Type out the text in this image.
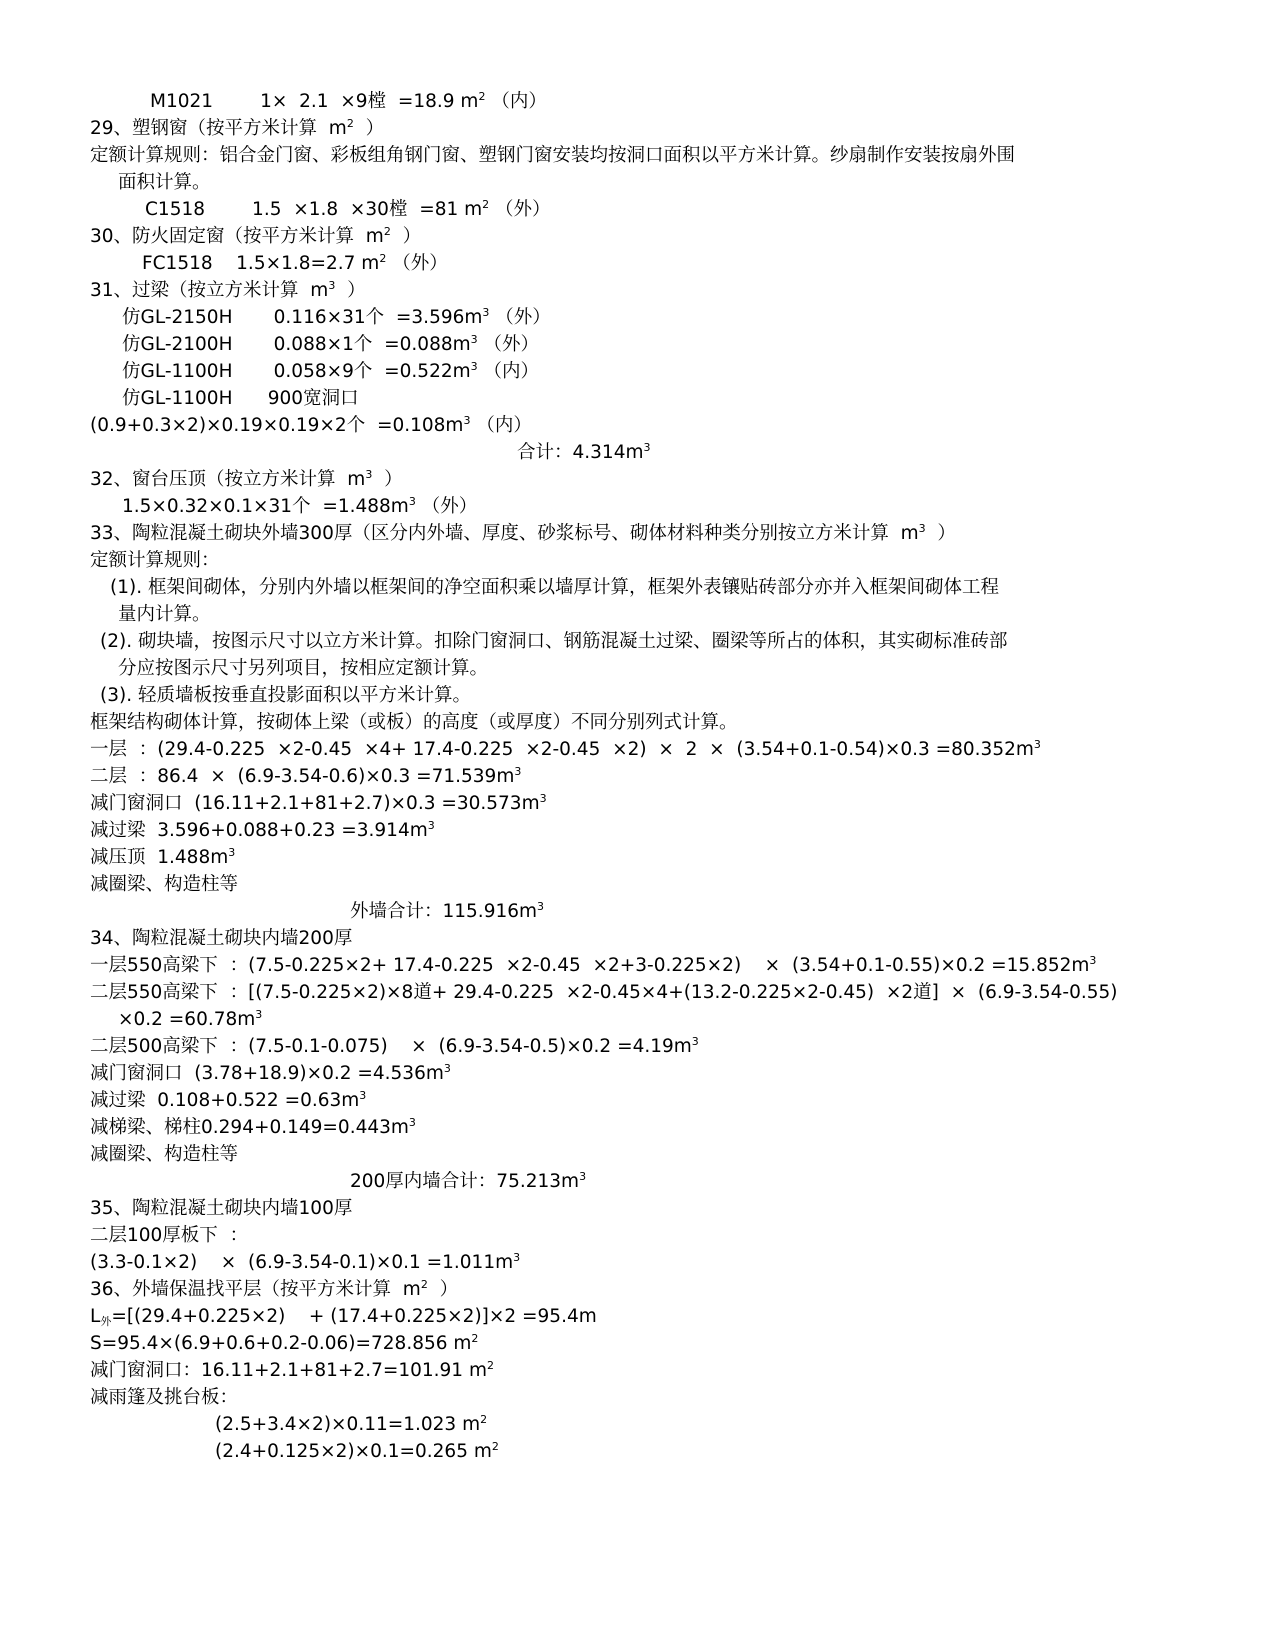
M1021        1×  2.1  ×9樘  =18.9 $m^2$ （内）
29、塑钢窗（按平方米计算  $m^2$  ）
定额计算规则：铝合金门窗、彩板组角钢门窗、塑钢门窗安装均按洞口面积以平方米计算。纱扇制作安装按扇外围
面积计算。
C1518        1.5  ×1.8  ×30樘  =81 $m^2$ （外）
30、防火固定窗（按平方米计算  $m^2$  ）
FC1518    1.5×1.8=2.7 $m^2$ （外）
31、过梁（按立方米计算  $m^3$  ）
仿GL-2150H       0.116×31个  $=3.596m^3$ （外）
仿GL-2100H       0.088×1个  $=0.088m^3$ （外）
仿GL-1100H       0.058×9个  $=0.522m^3$ （内）
仿GL-1100H      900宽洞口
(0.9+0.3×2)×0.19×0.19×2个  $=0.108m^3$ （内）
合计：$4.314m^3$
32、窗台压顶（按立方米计算  $m^3$  ）
1.5×0.32×0.1×31个  $=1.488m^3$ （外）
33、陶粒混凝土砌块外墙300厚（区分内外墙、厚度、砂浆标号、砌体材料种类分别按立方米计算  $m^3$  ）
定额计算规则：
(1). 框架间砌体，分别内外墙以框架间的净空面积乘以墙厚计算，框架外表镶贴砖部分亦并入框架间砌体工程
量内计算。
(2). 砌块墙，按图示尺寸以立方米计算。扣除门窗洞口、钢筋混凝土过梁、圈梁等所占的体积，其实砌标准砖部
分应按图示尺寸另列项目，按相应定额计算。
(3). 轻质墙板按垂直投影面积以平方米计算。
框架结构砌体计算，按砌体上梁（或板）的高度（或厚度）不同分别列式计算。
一层  ：$(29.4-0.225 \times 2-0.45 \times 4+ 17.4-0.225 \times 2-0.45 \times 2) \times 2 \times (3.54+0.1-0.54)\times 0.3 =80.352m^3$
二层  ：$86.4 \times (6.9-3.54-0.6)\times 0.3 =71.539m^3$
减门窗洞口  $(16.11+2.1+81+2.7)\times 0.3 =30.573m^3$
减过梁  $3.596+0.088+0.23 =3.914m^3$
减压顶  $1.488m^3$
减圈梁、构造柱等
外墙合计：$115.916m^3$
34、陶粒混凝土砌块内墙200厚
一层550高梁下  ：(7.5-0.225×2+ 17.4-0.225  ×2-0.45  ×2+3-0.225×2)    ×  $(3.54+0.1-0.55)\times 0.2 =15.852m^3$
二层550高梁下  ：[(7.5-0.225×2)×8道+ 29.4-0.225  ×2-0.45×4+(13.2-0.225×2-0.45)  ×2道]  ×  (6.9-3.54-0.55)
$\times 0.2 =60.78m^3$
二层500高梁下  ：(7.5-0.1-0.075)    ×  $(6.9-3.54-0.5)\times 0.2 =4.19m^3$
减门窗洞口  $(3.78+18.9)\times 0.2 =4.536m^3$
减过梁  $0.108+0.522 =0.63m^3$
减梯梁、梯柱$0.294+0.149=0.443m^3$
减圈梁、构造柱等
200厚内墙合计：$75.213m^3$
35、陶粒混凝土砌块内墙100厚
二层100厚板下  ：
(3.3-0.1×2)    ×  $(6.9-3.54-0.1)\times 0.1 =1.011m^3$
36、外墙保温找平层（按平方米计算  $m^2$  ）
$L_外=[(29.4+0.225\times 2)$    + (17.4+0.225×2)]×2 =95.4m
S=95.4×(6.9+0.6+0.2-0.06)=728.856 $m^2$
减门窗洞口：16.11+2.1+81+2.7=101.91 $m^2$
减雨篷及挑台板：
(2.5+3.4×2)×0.11=1.023 $m^2$
(2.4+0.125×2)×0.1=0.265 $m^2$
